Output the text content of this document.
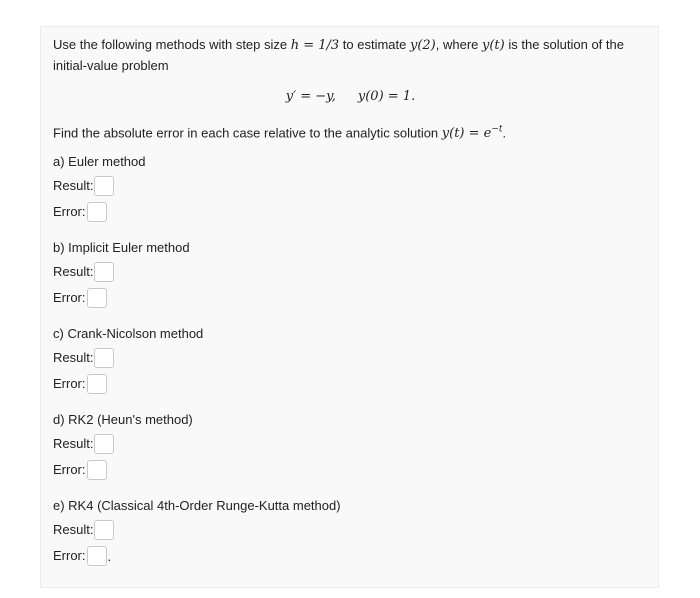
Use the following methods with step size h = 1/3 to estimate y(2), where y(t) is the solution of the initial-value problem
y′ = −y, y(0) = 1.
Find the absolute error in each case relative to the analytic solution $y(t) = e^{-t}$.
a) Euler method
Result:
Error:
b) Implicit Euler method
Result:
Error:
c) Crank-Nicolson method
Result:
Error:
d) RK2 (Heun's method)
Result:
Error:
e) RK4 (Classical 4th-Order Runge-Kutta method)
Result:
Error: .
